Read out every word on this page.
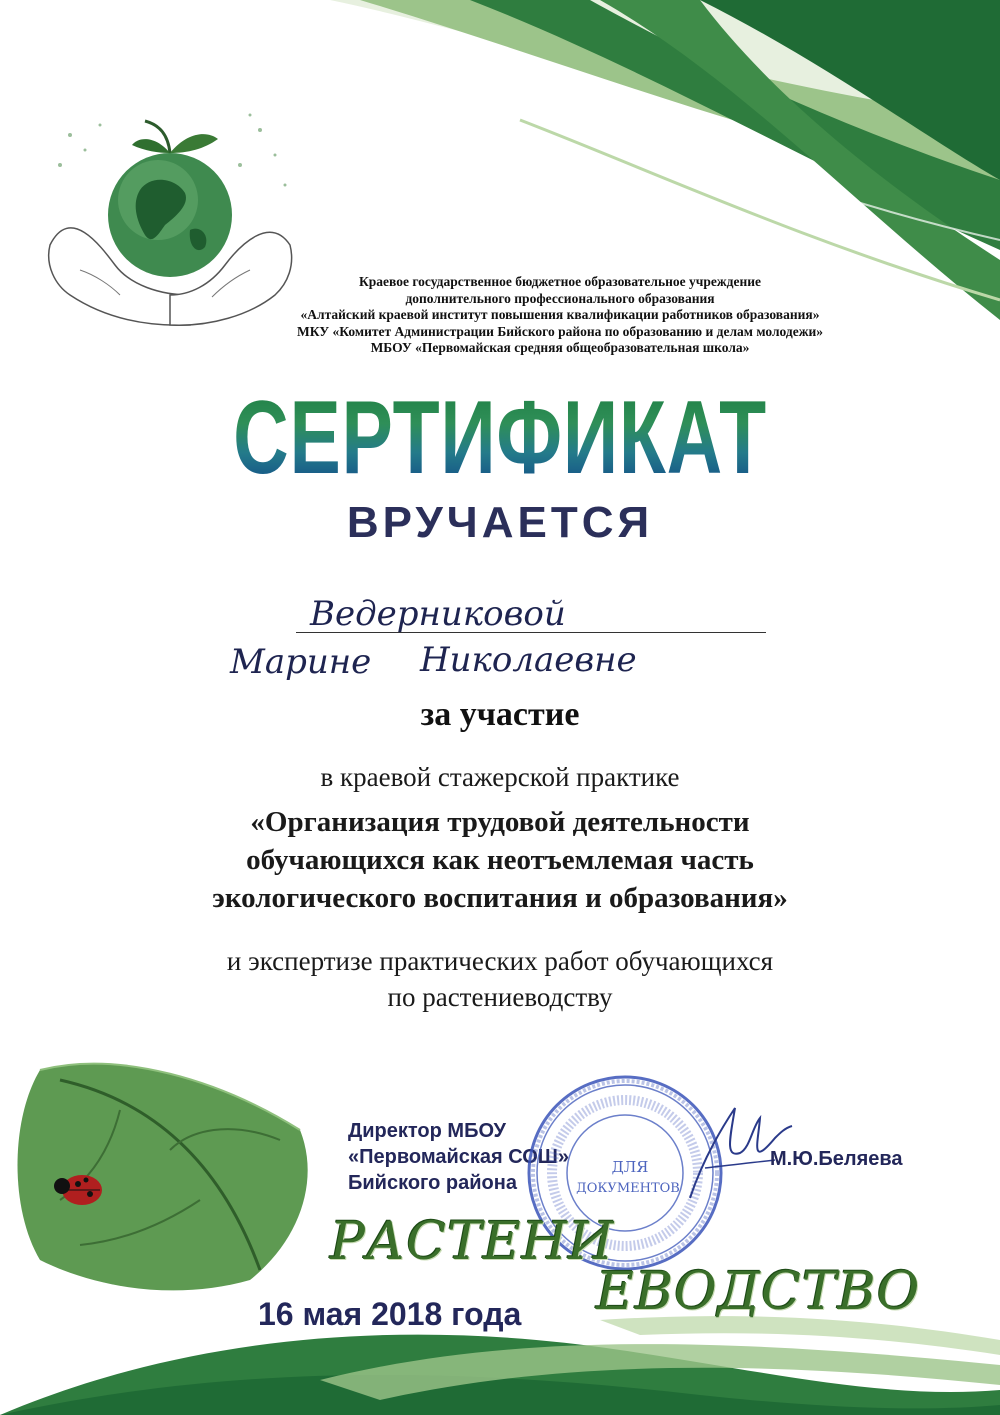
Краевое государственное бюджетное образовательное учреждение
дополнительного профессионального образования
«Алтайский краевой институт повышения квалификации работников образования»
МКУ «Комитет Администрации Бийского района по образованию и делам молодежи»
МБОУ «Первомайская средняя общеобразовательная школа»
СЕРТИФИКАТ
ВРУЧАЕТСЯ
Ведерниковой
Марине Николаевне
за участие
в краевой стажерской практике
«Организация трудовой деятельности
обучающихся как неотъемлемая часть
экологического воспитания и образования»
и экспертизе практических работ обучающихся
по растениеводству
Директор МБОУ
«Первомайская СОШ»
Бийского района
ДЛЯ
ДОКУМЕНТОВ
М.Ю.Беляева
РАСТЕНИ
ЕВОДСТВО
16 мая 2018 года
